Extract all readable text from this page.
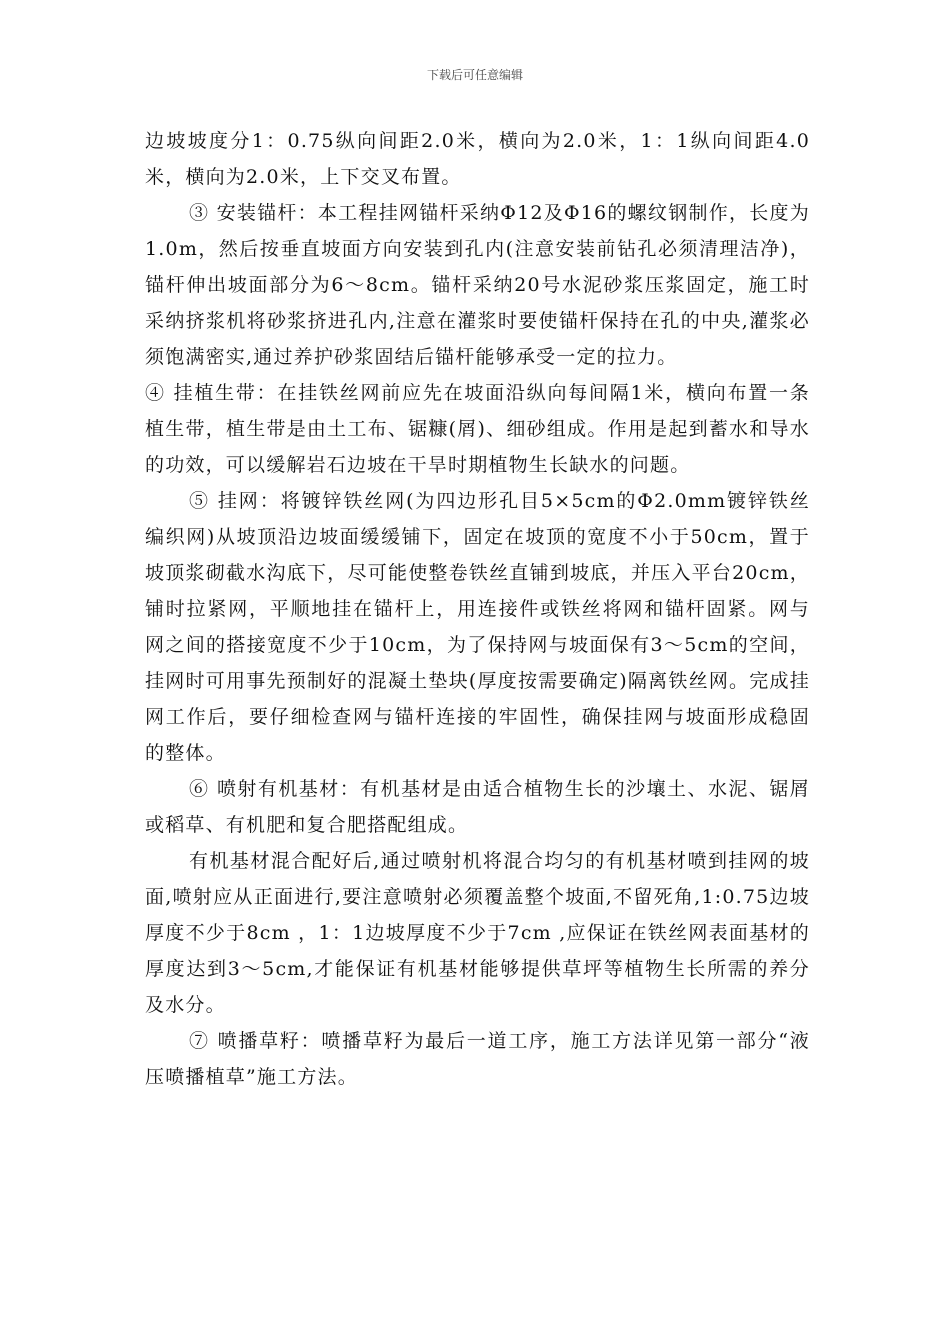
下载后可任意编辑

边坡坡度分1：0.75纵向间距2.0米，横向为2.0米，1：1纵向间距4.0米，横向为2.0米，上下交叉布置。

③ 安装锚杆：本工程挂网锚杆采纳Φ12及Φ16的螺纹钢制作，长度为1.0m，然后按垂直坡面方向安装到孔内(注意安装前钻孔必须清理洁净)，锚杆伸出坡面部分为6～8cm。锚杆采纳20号水泥砂浆压浆固定，施工时采纳挤浆机将砂浆挤进孔内,注意在灌浆时要使锚杆保持在孔的中央,灌浆必须饱满密实,通过养护砂浆固结后锚杆能够承受一定的拉力。

④ 挂植生带：在挂铁丝网前应先在坡面沿纵向每间隔1米，横向布置一条植生带，植生带是由土工布、锯糠(屑)、细砂组成。作用是起到蓄水和导水的功效，可以缓解岩石边坡在干旱时期植物生长缺水的问题。

⑤ 挂网：将镀锌铁丝网(为四边形孔目5×5cm的Φ2.0mm镀锌铁丝编织网)从坡顶沿边坡面缓缓铺下，固定在坡顶的宽度不小于50cm，置于坡顶浆砌截水沟底下，尽可能使整卷铁丝直铺到坡底，并压入平台20cm，铺时拉紧网，平顺地挂在锚杆上，用连接件或铁丝将网和锚杆固紧。网与网之间的搭接宽度不少于10cm，为了保持网与坡面保有3～5cm的空间，挂网时可用事先预制好的混凝土垫块(厚度按需要确定)隔离铁丝网。完成挂网工作后，要仔细检查网与锚杆连接的牢固性，确保挂网与坡面形成稳固的整体。

⑥ 喷射有机基材：有机基材是由适合植物生长的沙壤土、水泥、锯屑或稻草、有机肥和复合肥搭配组成。

有机基材混合配好后,通过喷射机将混合均匀的有机基材喷到挂网的坡面,喷射应从正面进行,要注意喷射必须覆盖整个坡面,不留死角,1:0.75边坡厚度不少于8cm ，1：1边坡厚度不少于7cm ,应保证在铁丝网表面基材的厚度达到3～5cm,才能保证有机基材能够提供草坪等植物生长所需的养分及水分。

⑦ 喷播草籽：喷播草籽为最后一道工序，施工方法详见第一部分“液压喷播植草”施工方法。
